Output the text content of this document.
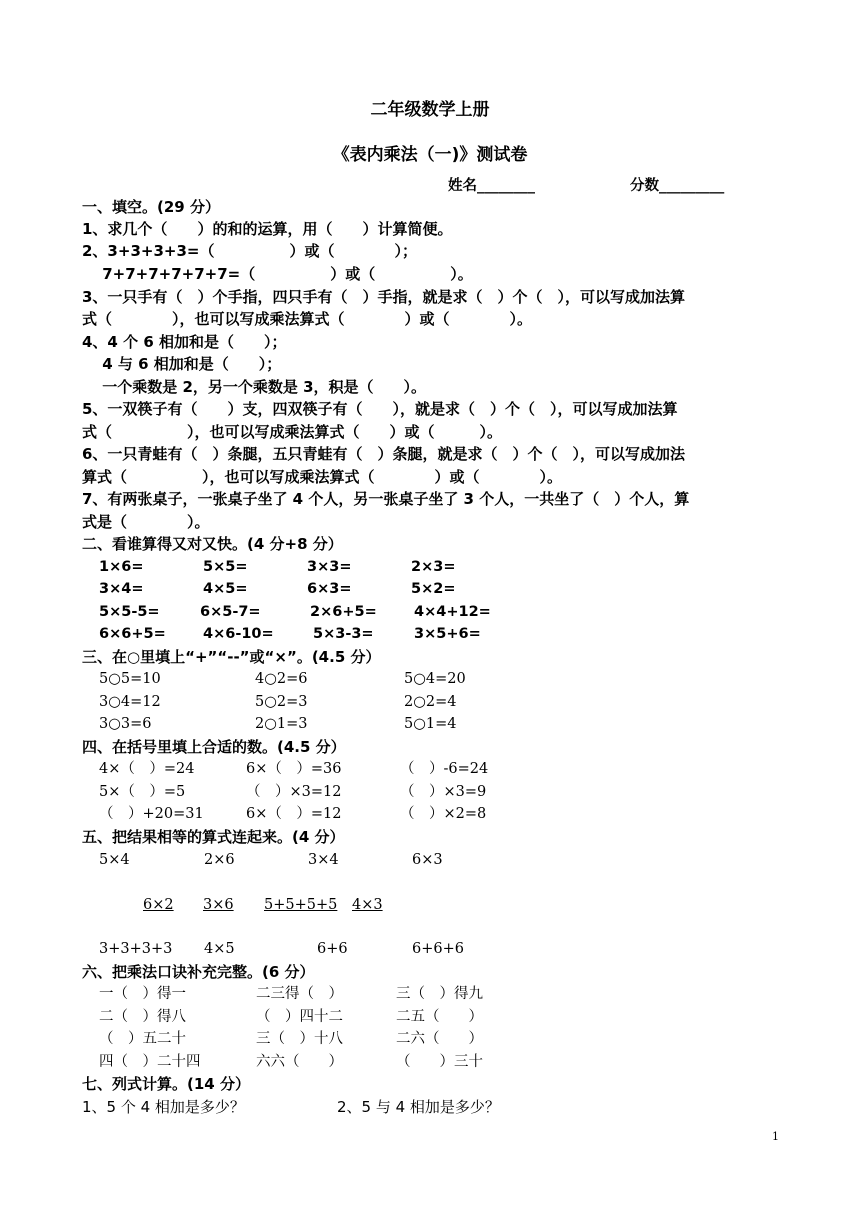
二年级数学上册
《表内乘法（一)》测试卷
姓名________	分数_________
一、填空。(29 分）
1、求几个（　　）的和的运算，用（　　）计算简便。
2、3+3+3+3=（　　　　　）或（　　　　）；
　 7+7+7+7+7+7=（　　　　　）或（　　　　　）。
3、一只手有（　）个手指，四只手有（　）手指，就是求（　）个（　），可以写成加法算
式（　　　　），也可以写成乘法算式（　　　　）或（　　　　）。
4、4 个 6 相加和是（　　）；
　 4 与 6 相加和是（　　）；
　 一个乘数是 2，另一个乘数是 3，积是（　　）。
5、一双筷子有（　　）支，四双筷子有（　　），就是求（　）个（　），可以写成加法算
式（　　　　　），也可以写成乘法算式（　　）或（　　　）。
6、一只青蛙有（　）条腿，五只青蛙有（　）条腿，就是求（　）个（　），可以写成加法
算式（　　　　　），也可以写成乘法算式（　　　　）或（　　　　）。
7、有两张桌子，一张桌子坐了 4 个人，另一张桌子坐了 3 个人，一共坐了（　）个人，算
式是（　　　　）。
二、看谁算得又对又快。(4 分+8 分）
1×6=	5×5=	3×3=	2×3=
3×4=	4×5=	6×3=	5×2=
5×5-5=	6×5-7=	2×6+5=	4×4+12=
6×6+5=	4×6-10=	5×3-3=	3×5+6=
三、在○里填上“+”“--”或“×”。(4.5 分）
5○5=10	4○2=6	5○4=20
3○4=12	5○2=3	2○2=4
3○3=6	2○1=3	5○1=4
四、在括号里填上合适的数。(4.5 分）
4×（　）=24	6×（　）=36	（　）-6=24
5×（　）=5	（　）×3=12	（　）×3=9
（　）+20=31	6×（　）=12	（　）×2=8
五、把结果相等的算式连起来。(4 分）
5×4	2×6	3×4	6×3
6×2 3×6 5+5+5+5 4×3
3+3+3+3 4×5	6+6	6+6+6
六、把乘法口诀补充完整。(6 分）
一（　）得一	二三得（　）	三（　）得九
二（　）得八	（　）四十二	二五（　　）
（　）五二十	三（　）十八	二六（　　）
四（　）二十四	六六（　　）	（　　）三十
七、列式计算。(14 分）
1、5 个 4 相加是多少？	2、5 与 4 相加是多少？
1
